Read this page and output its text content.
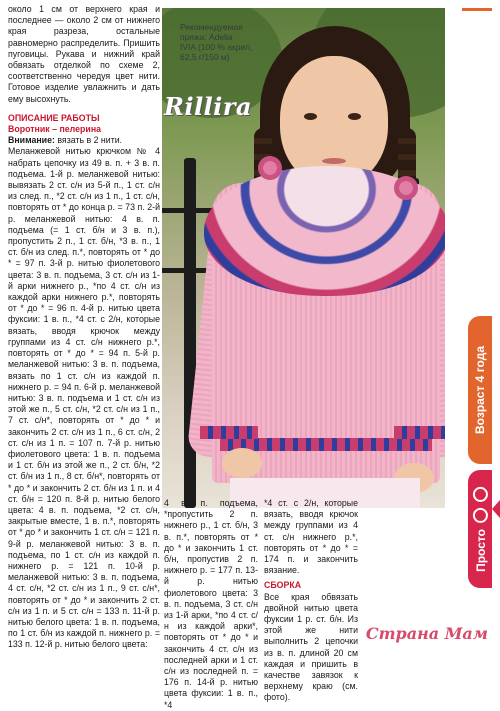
около 1 см от верхнего края и последнее — около 2 см от нижнего края разреза, остальные равномерно распределить. Пришить пуговицы. Рукава и нижний край обвязать отделкой по схеме 2, соответственно чередуя цвет нити. Готовое изделие увлажнить и дать ему высохнуть.

ОПИСАНИЕ РАБОТЫ
Воротник – пелерина

Внимание: вязать в 2 нити.

Меланжевой нитью крючком № 4 набрать цепочку из 49 в. п. + 3 в. п. подъема. 1-й р. меланжевой нитью: вывязать 2 ст. с/н из 5-й п., 1 ст. с/н из след. п., *2 ст. с/н из 1 п., 1 ст. с/н, повторять от * до конца р. = 73 п. 2-й р. меланжевой нитью: 4 в. п. подъема (= 1 ст. б/н и 3 в. п.), пропустить 2 п., 1 ст. б/н, *3 в. п., 1 ст. б/н из след. п.*, повторять от * до * = 97 п. 3-й р. нитью фиолетового цвета: 3 в. п. подъема, 3 ст. с/н из 1-й арки нижнего р., *по 4 ст. с/н из каждой арки нижнего р.*, повторять от * до * = 96 п. 4-й р. нитью цвета фуксии: 1 в. п., *4 ст. с 2/н, которые вязать, вводя крючок между группами из 4 ст. с/н нижнего р.*, повторять от * до * = 94 п. 5-й р. меланжевой нитью: 3 в. п. подъема, вязать по 1 ст. с/н из каждой п. нижнего р. = 94 п. 6-й р. меланжевой нитью: 3 в. п. подъема и 1 ст. с/н из этой же п., 5 ст. с/н, *2 ст. с/н из 1 п., 7 ст. с/н*, повторять от * до * и закончить 2 ст. с/н из 1 п., 6 ст. с/н, 2 ст. с/н из 1 п. = 107 п. 7-й р. нитью фиолетового цвета: 1 в. п. подъема и 1 ст. б/н из этой же п., 2 ст. б/н, *2 ст. б/н из 1 п., 8 ст. б/н*, повторять от * до * и закончить 2 ст. б/н из 1 п. и 4 ст. б/н = 120 п. 8-й р. нитью белого цвета: 4 в. п. подъема, *2 ст. с/н, закрытые вместе, 1 в. п.*, повторять от * до * и закончить 1 ст. с/н = 121 п. 9-й р. меланжевой нитью: 3 в. п. подъема, по 1 ст. с/н из каждой п. нижнего р. = 121 п. 10-й р. меланжевой нитью: 3 в. п. подъема, 4 ст. с/н, *2 ст. с/н из 1 п., 9 ст. с/н*, повторять от * до * и закончить 2 ст. с/н из 1 п. и 5 ст. с/н = 133 п. 11-й р. нитью белого цвета: 1 в. п. подъема, по 1 ст. б/н из каждой п. нижнего р. = 133 п. 12-й р. нитью белого цвета:

Рекомендуемая
пряжа: Adelia
IVIA (100 % акрил,
62,5 г/150 м)
Rillira

4 в. п. подъема, *пропустить 2 п. нижнего р., 1 ст. б/н, 3 в. п.*, повторять от * до * и закончить 1 ст. б/н, пропустив 2 п. нижнего р. = 177 п. 13-й р. нитью фиолетового цвета: 3 в. п. подъема, 3 ст. с/н из 1-й арки, *по 4 ст. с/н из каждой арки*, повторять от * до * и закончить 4 ст. с/н из последней арки и 1 ст. с/н из последней п. = 176 п. 14-й р. нитью цвета фуксии: 1 в. п., *4

*4 ст. с 2/н, которые вязать, вводя крючок между группами из 4 ст. с/н нижнего р.*, повторять от * до * = 174 п. и закончить вязание.

СБОРКА

Все края обвязать двойной нитью цвета фуксии 1 р. ст. б/н. Из этой же нити выполнить 2 цепочки из в. п. длиной 20 см каждая и пришить в качестве завязок к верхнему краю (см. фото).

Возраст 4 года
Просто
Страна Мам
